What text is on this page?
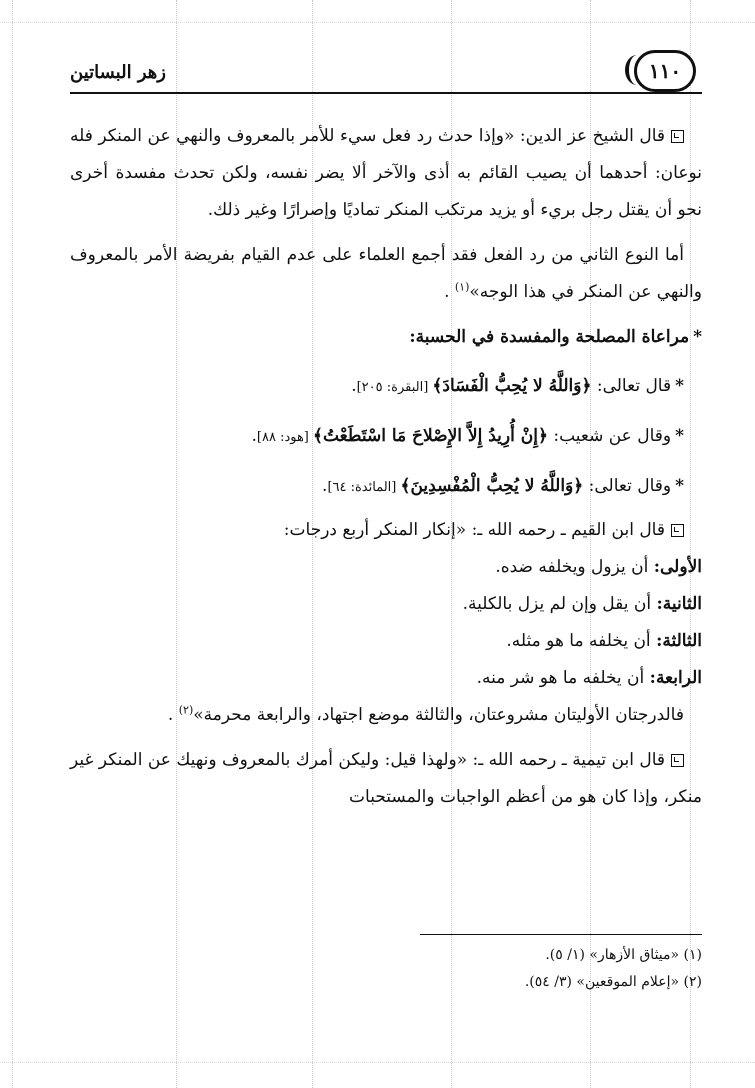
١١٠
زهر البساتين

قال الشيخ عز الدين: «وإذا حدث رد فعل سيء للأمر بالمعروف والنهي عن المنكر فله نوعان: أحدهما أن يصيب القائم به أذى والآخر ألا يضر نفسه، ولكن تحدث مفسدة أخرى نحو أن يقتل رجل بريء أو يزيد مرتكب المنكر تماديًا وإصرارًا وغير ذلك.

أما النوع الثاني من رد الفعل فقد أجمع العلماء على عدم القيام بفريضة الأمر بالمعروف والنهي عن المنكر في هذا الوجه»$^{(١)}$ .

*مراعاة المصلحة والمفسدة في الحسبة:

*قال تعالى: ﴿وَاللَّهُ لا يُحِبُّ الْفَسَادَ﴾ [البقرة: ٢٠٥].

*وقال عن شعيب: ﴿إِنْ أُرِيدُ إِلاَّ الإِصْلاحَ مَا اسْتَطَعْتُ﴾ [هود: ٨٨].

*وقال تعالى: ﴿وَاللَّهُ لا يُحِبُّ الْمُفْسِدِينَ﴾ [المائدة: ٦٤].

قال ابن القيم ـ رحمه الله ـ: «إنكار المنكر أربع درجات:

الأولى: أن يزول ويخلفه ضده.

الثانية: أن يقل وإن لم يزل بالكلية.

الثالثة: أن يخلفه ما هو مثله.

الرابعة: أن يخلفه ما هو شر منه.

فالدرجتان الأوليتان مشروعتان، والثالثة موضع اجتهاد، والرابعة محرمة»$^{(٢)}$ .

قال ابن تيمية ـ رحمه الله ـ: «ولهذا قيل: وليكن أمرك بالمعروف ونهيك عن المنكر غير منكر، وإذا كان هو من أعظم الواجبات والمستحبات

(١) «ميثاق الأزهار» (١/ ٥).

(٢) «إعلام الموقعين» (٣/ ٥٤).
